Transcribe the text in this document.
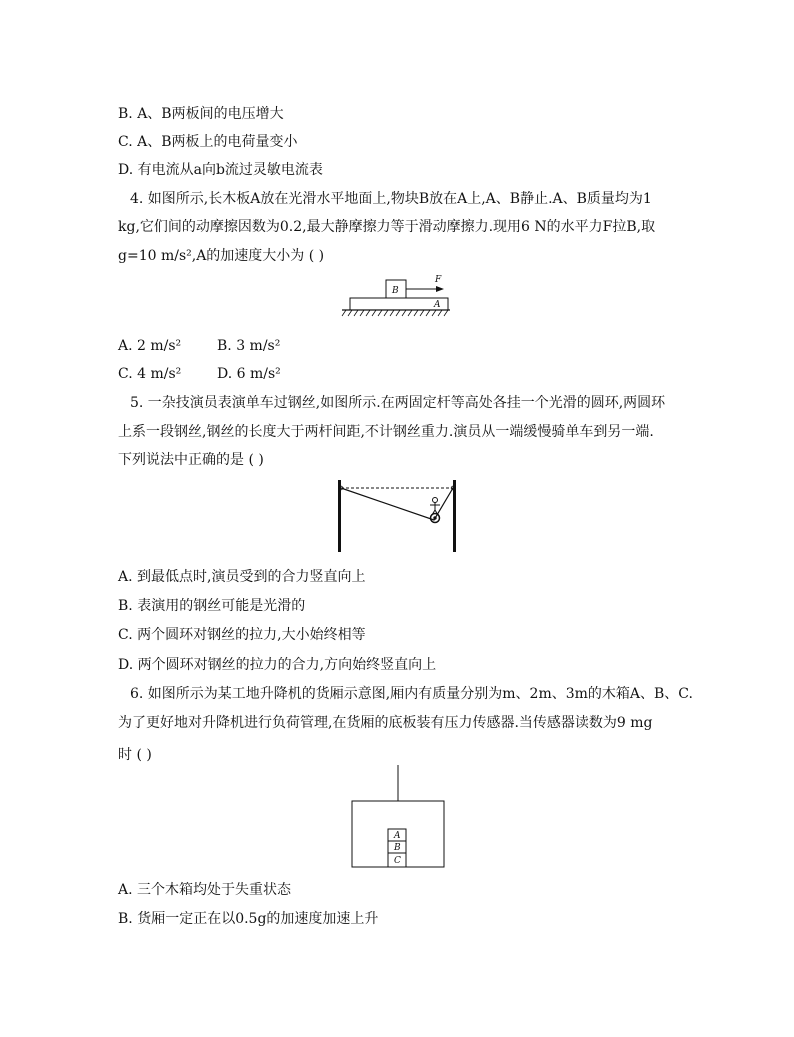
B. A、B两板间的电压增大
C. A、B两板上的电荷量变小
D. 有电流从a向b流过灵敏电流表
4. 如图所示,长木板A放在光滑水平地面上,物块B放在A上,A、B静止.A、B质量均为1
kg,它们间的动摩擦因数为0.2,最大静摩擦力等于滑动摩擦力.现用6 N的水平力F拉B,取
g=10 m/s²,A的加速度大小为 ( )
A
B
F
A. 2 m/s²	B. 3 m/s²
C. 4 m/s²	D. 6 m/s²
5. 一杂技演员表演单车过钢丝,如图所示.在两固定杆等高处各挂一个光滑的圆环,两圆环
上系一段钢丝,钢丝的长度大于两杆间距,不计钢丝重力.演员从一端缓慢骑单车到另一端.
下列说法中正确的是 ( )
A. 到最低点时,演员受到的合力竖直向上
B. 表演用的钢丝可能是光滑的
C. 两个圆环对钢丝的拉力,大小始终相等
D. 两个圆环对钢丝的拉力的合力,方向始终竖直向上
6. 如图所示为某工地升降机的货厢示意图,厢内有质量分别为m、2m、3m的木箱A、B、C.
为了更好地对升降机进行负荷管理,在货厢的底板装有压力传感器.当传感器读数为9 mg
时 ( )
A
B
C
A. 三个木箱均处于失重状态
B. 货厢一定正在以0.5g的加速度加速上升
